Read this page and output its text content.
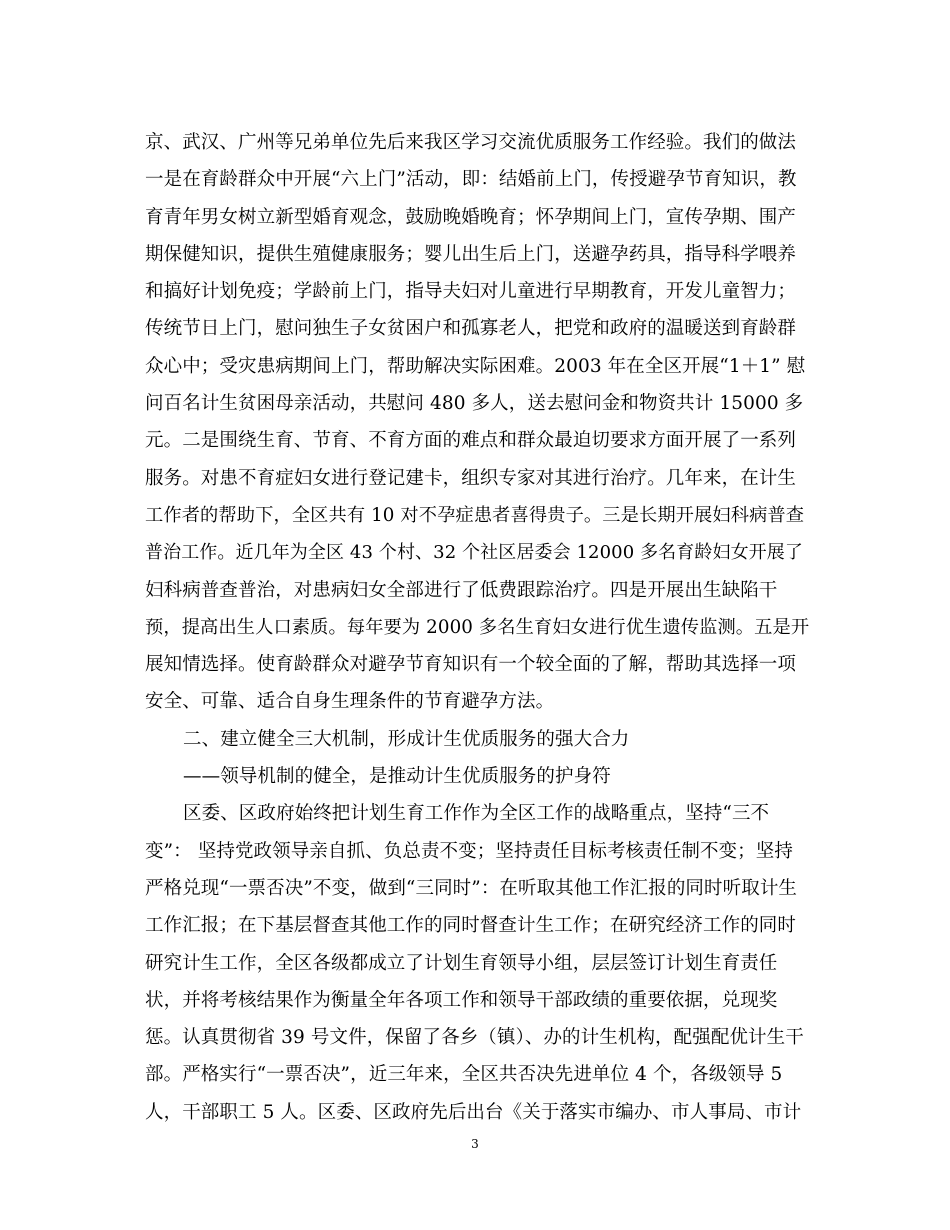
京、武汉、广州等兄弟单位先后来我区学习交流优质服务工作经验。我们的做法
一是在育龄群众中开展“六上门”活动，即：结婚前上门，传授避孕节育知识，教
育青年男女树立新型婚育观念，鼓励晚婚晚育；怀孕期间上门，宣传孕期、围产
期保健知识，提供生殖健康服务；婴儿出生后上门，送避孕药具，指导科学喂养
和搞好计划免疫；学龄前上门，指导夫妇对儿童进行早期教育，开发儿童智力；
传统节日上门，慰问独生子女贫困户和孤寡老人，把党和政府的温暖送到育龄群
众心中；受灾患病期间上门，帮助解决实际困难。2003 年在全区开展“1＋1” 慰
问百名计生贫困母亲活动，共慰问 480 多人，送去慰问金和物资共计 15000 多
元。二是围绕生育、节育、不育方面的难点和群众最迫切要求方面开展了一系列
服务。对患不育症妇女进行登记建卡，组织专家对其进行治疗。几年来，在计生
工作者的帮助下，全区共有 10 对不孕症患者喜得贵子。三是长期开展妇科病普查
普治工作。近几年为全区 43 个村、32 个社区居委会 12000 多名育龄妇女开展了
妇科病普查普治，对患病妇女全部进行了低费跟踪治疗。四是开展出生缺陷干
预，提高出生人口素质。每年要为 2000 多名生育妇女进行优生遗传监测。五是开
展知情选择。使育龄群众对避孕节育知识有一个较全面的了解，帮助其选择一项
安全、可靠、适合自身生理条件的节育避孕方法。
二、建立健全三大机制，形成计生优质服务的强大合力
——领导机制的健全，是推动计生优质服务的护身符
区委、区政府始终把计划生育工作作为全区工作的战略重点，坚持“三不
变”： 坚持党政领导亲自抓、负总责不变；坚持责任目标考核责任制不变；坚持
严格兑现“一票否决”不变，做到“三同时”：在听取其他工作汇报的同时听取计生
工作汇报；在下基层督查其他工作的同时督查计生工作；在研究经济工作的同时
研究计生工作，全区各级都成立了计划生育领导小组，层层签订计划生育责任
状，并将考核结果作为衡量全年各项工作和领导干部政绩的重要依据，兑现奖
惩。认真贯彻省 39 号文件，保留了各乡（镇）、办的计生机构，配强配优计生干
部。严格实行“一票否决”，近三年来，全区共否决先进单位 4 个，各级领导 5
人，干部职工 5 人。区委、区政府先后出台《关于落实市编办、市人事局、市计
3
